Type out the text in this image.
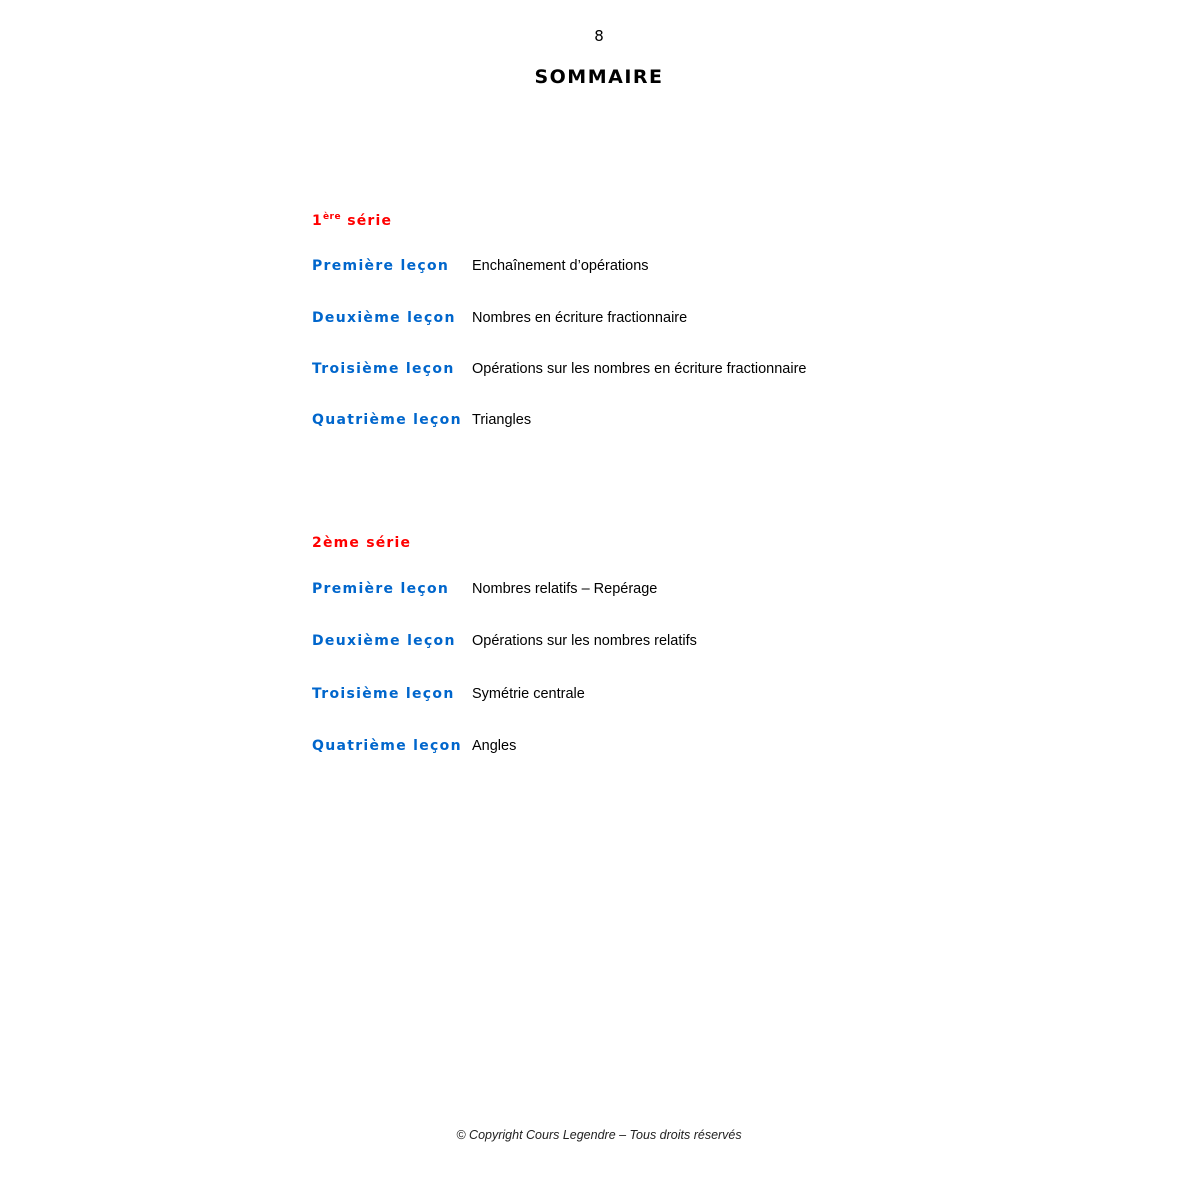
8
SOMMAIRE
1ère série
Première leçon Enchaînement d’opérations
Deuxième leçon Nombres en écriture fractionnaire
Troisième leçon Opérations sur les nombres en écriture fractionnaire
Quatrième leçon Triangles
2ème série
Première leçon Nombres relatifs – Repérage
Deuxième leçon Opérations sur les nombres relatifs
Troisième leçon Symétrie centrale
Quatrième leçon Angles
© Copyright Cours Legendre – Tous droits réservés
